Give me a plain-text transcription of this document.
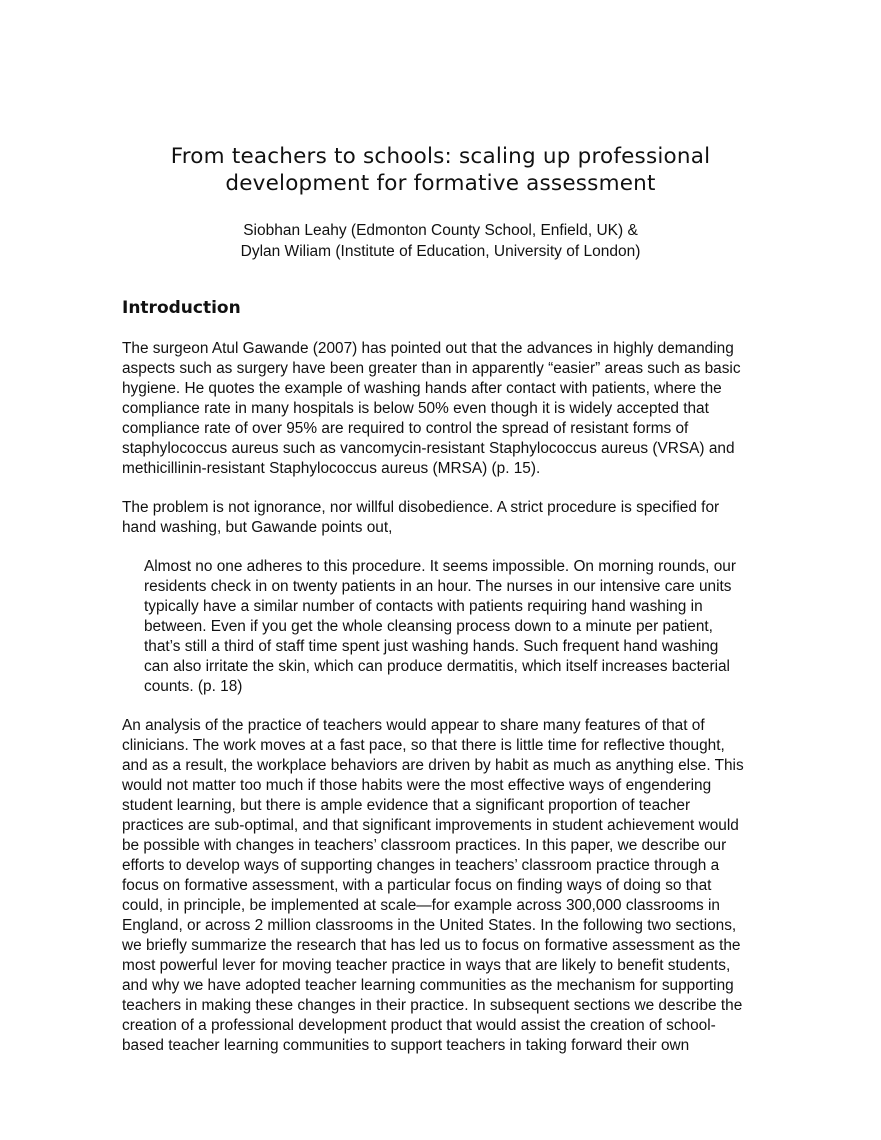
From teachers to schools: scaling up professional
development for formative assessment
Siobhan Leahy (Edmonton County School, Enfield, UK) &
Dylan Wiliam (Institute of Education, University of London)
Introduction
The surgeon Atul Gawande (2007) has pointed out that the advances in highly demanding
aspects such as surgery have been greater than in apparently “easier” areas such as basic
hygiene. He quotes the example of washing hands after contact with patients, where the
compliance rate in many hospitals is below 50% even though it is widely accepted that
compliance rate of over 95% are required to control the spread of resistant forms of
staphylococcus aureus such as vancomycin-resistant Staphylococcus aureus (VRSA) and
methicillinin-resistant Staphylococcus aureus (MRSA) (p. 15).
The problem is not ignorance, nor willful disobedience. A strict procedure is specified for
hand washing, but Gawande points out,
Almost no one adheres to this procedure. It seems impossible. On morning rounds, our
residents check in on twenty patients in an hour. The nurses in our intensive care units
typically have a similar number of contacts with patients requiring hand washing in
between. Even if you get the whole cleansing process down to a minute per patient,
that’s still a third of staff time spent just washing hands. Such frequent hand washing
can also irritate the skin, which can produce dermatitis, which itself increases bacterial
counts. (p. 18)
An analysis of the practice of teachers would appear to share many features of that of
clinicians. The work moves at a fast pace, so that there is little time for reflective thought,
and as a result, the workplace behaviors are driven by habit as much as anything else. This
would not matter too much if those habits were the most effective ways of engendering
student learning, but there is ample evidence that a significant proportion of teacher
practices are sub-optimal, and that significant improvements in student achievement would
be possible with changes in teachers’ classroom practices. In this paper, we describe our
efforts to develop ways of supporting changes in teachers’ classroom practice through a
focus on formative assessment, with a particular focus on finding ways of doing so that
could, in principle, be implemented at scale—for example across 300,000 classrooms in
England, or across 2 million classrooms in the United States. In the following two sections,
we briefly summarize the research that has led us to focus on formative assessment as the
most powerful lever for moving teacher practice in ways that are likely to benefit students,
and why we have adopted teacher learning communities as the mechanism for supporting
teachers in making these changes in their practice. In subsequent sections we describe the
creation of a professional development product that would assist the creation of school-
based teacher learning communities to support teachers in taking forward their own
